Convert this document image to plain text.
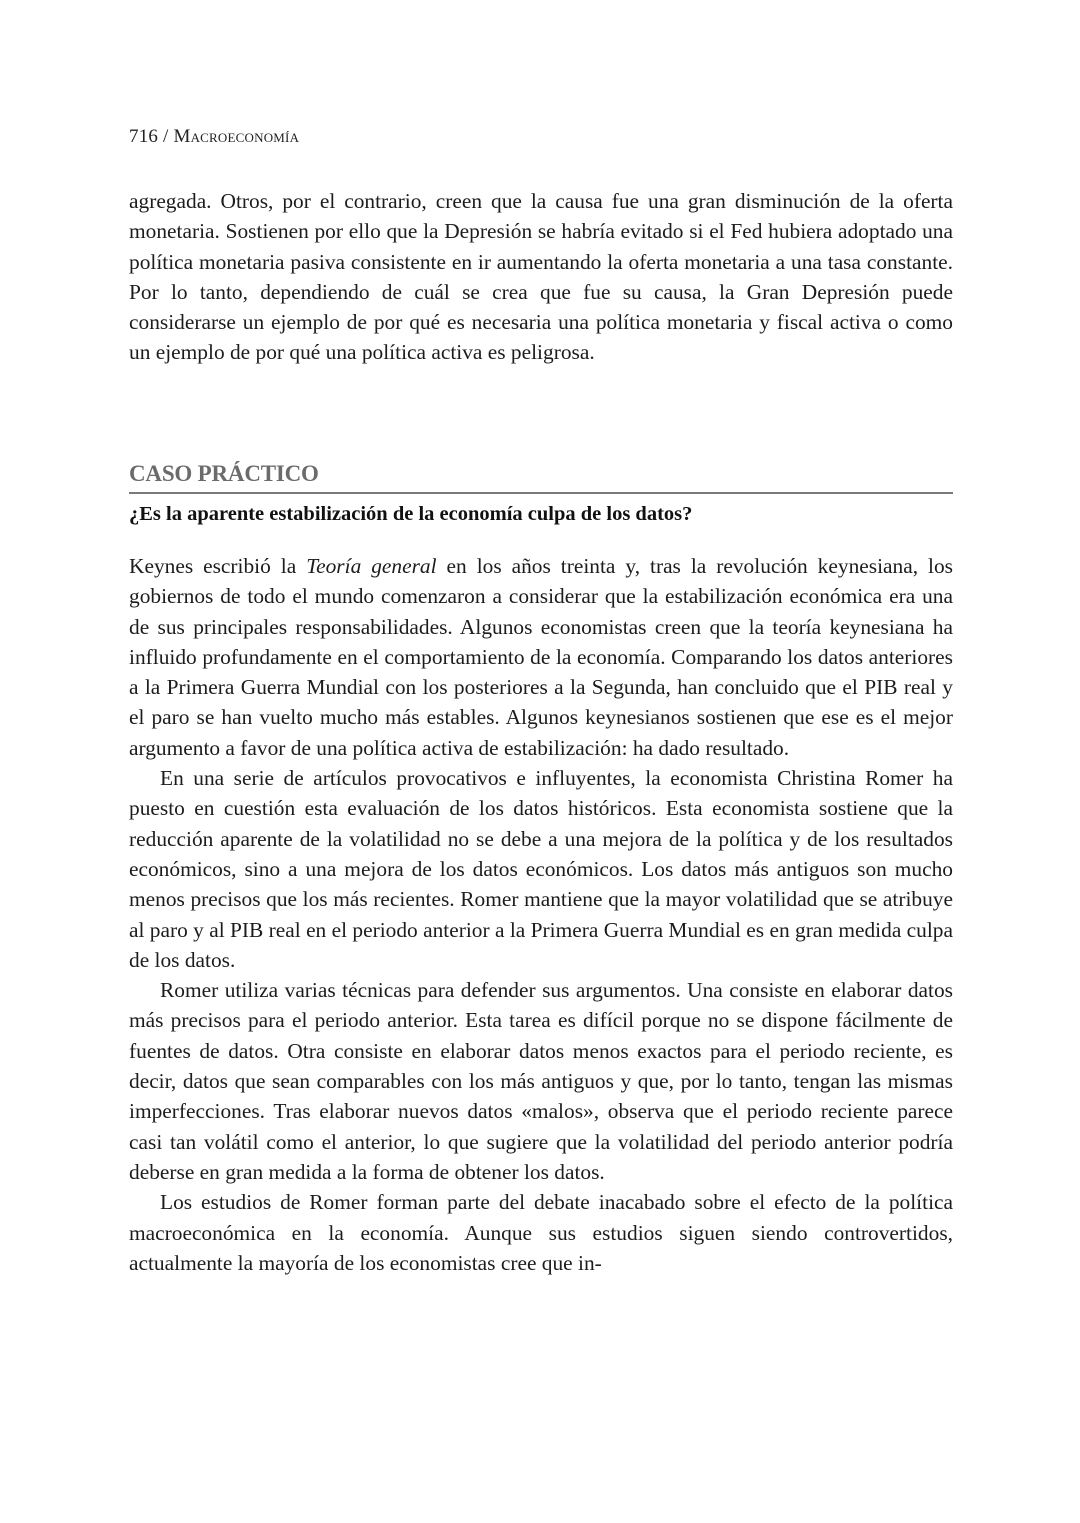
716 / Macroeconomía

agregada. Otros, por el contrario, creen que la causa fue una gran disminución de la oferta monetaria. Sostienen por ello que la Depresión se habría evitado si el Fed hubiera adoptado una política monetaria pasiva consistente en ir aumentando la oferta monetaria a una tasa constante. Por lo tanto, dependiendo de cuál se crea que fue su causa, la Gran Depresión puede considerarse un ejemplo de por qué es necesaria una política monetaria y fiscal activa o como un ejemplo de por qué una política activa es peligrosa.

CASO PRÁCTICO
¿Es la aparente estabilización de la economía culpa de los datos?

Keynes escribió la Teoría general en los años treinta y, tras la revolución keynesiana, los gobiernos de todo el mundo comenzaron a considerar que la estabilización económica era una de sus principales responsabilidades. Algunos economistas creen que la teoría keynesiana ha influido profundamente en el comportamiento de la economía. Comparando los datos anteriores a la Primera Guerra Mundial con los posteriores a la Segunda, han concluido que el PIB real y el paro se han vuelto mucho más estables. Algunos keynesianos sostienen que ese es el mejor argumento a favor de una política activa de estabilización: ha dado resultado.

En una serie de artículos provocativos e influyentes, la economista Christina Romer ha puesto en cuestión esta evaluación de los datos históricos. Esta economista sostiene que la reducción aparente de la volatilidad no se debe a una mejora de la política y de los resultados económicos, sino a una mejora de los datos económicos. Los datos más antiguos son mucho menos precisos que los más recientes. Romer mantiene que la mayor volatilidad que se atribuye al paro y al PIB real en el periodo anterior a la Primera Guerra Mundial es en gran medida culpa de los datos.

Romer utiliza varias técnicas para defender sus argumentos. Una consiste en elaborar datos más precisos para el periodo anterior. Esta tarea es difícil porque no se dispone fácilmente de fuentes de datos. Otra consiste en elaborar datos menos exactos para el periodo reciente, es decir, datos que sean comparables con los más antiguos y que, por lo tanto, tengan las mismas imperfecciones. Tras elaborar nuevos datos «malos», observa que el periodo reciente parece casi tan volátil como el anterior, lo que sugiere que la volatilidad del periodo anterior podría deberse en gran medida a la forma de obtener los datos.

Los estudios de Romer forman parte del debate inacabado sobre el efecto de la política macroeconómica en la economía. Aunque sus estudios siguen siendo controvertidos, actualmente la mayoría de los economistas cree que in-
